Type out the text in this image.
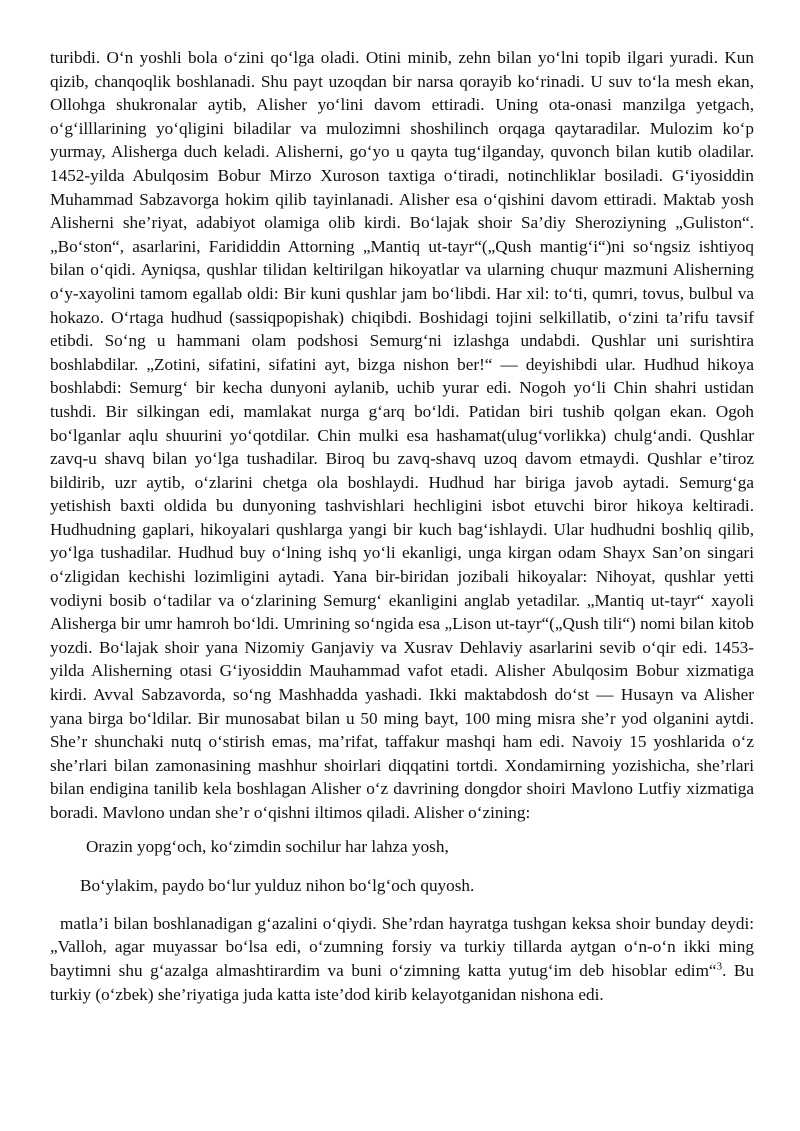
turibdi. O‘n yoshli bola o‘zini qo‘lga oladi. Otini minib, zehn bilan yo‘lni topib ilgari yuradi. Kun qizib, chanqoqlik boshlanadi. Shu payt uzoqdan bir narsa qorayib ko‘rinadi. U suv to‘la mesh ekan, Ollohga shukronalar aytib, Alisher yo‘lini davom ettiradi. Uning ota-onasi manzilga yetgach, o‘g‘illlarining yo‘qligini biladilar va mulozimni shoshilinch orqaga qaytaradilar. Mulozim ko‘p yurmay, Alisherga duch keladi. Alisherni, go‘yo u qayta tug‘ilganday, quvonch bilan kutib oladilar. 1452-yilda Abulqosim Bobur Mirzo Xuroson taxtiga o‘tiradi, notinchliklar bosiladi. G‘iyosiddin Muhammad Sabzavorga hokim qilib tayinlanadi. Alisher esa o‘qishini davom ettiradi. Maktab yosh Alisherni she’riyat, adabiyot olamiga olib kirdi. Bo‘lajak shoir Sa’diy Sheroziyning „Guliston“. „Bo‘ston“, asarlarini, Farididdin Attorning „Mantiq ut-tayr“(„Qush mantig‘i“)ni so‘ngsiz ishtiyoq bilan o‘qidi. Ayniqsa, qushlar tilidan keltirilgan hikoyatlar va ularning chuqur mazmuni Alisherning o‘y-xayolini tamom egallab oldi: Bir kuni qushlar jam bo‘libdi. Har xil: to‘ti, qumri, tovus, bulbul va hokazo. O‘rtaga hudhud (sassiqpopishak) chiqibdi. Boshidagi tojini selkillatib, o‘zini ta’rifu tavsif etibdi. So‘ng u hammani olam podshosi Semurg‘ni izlashga undabdi. Qushlar uni surishtira boshlabdilar. „Zotini, sifatini, sifatini ayt, bizga nishon ber!“ — deyishibdi ular. Hudhud hikoya boshlabdi: Semurg‘ bir kecha dunyoni aylanib, uchib yurar edi. Nogoh yo‘li Chin shahri ustidan tushdi. Bir silkingan edi, mamlakat nurga g‘arq bo‘ldi. Patidan biri tushib qolgan ekan. Ogoh bo‘lganlar aqlu shuurini yo‘qotdilar. Chin mulki esa hashamat(ulug‘vorlikka) chulg‘andi. Qushlar zavq-u shavq bilan yo‘lga tushadilar. Biroq bu zavq-shavq uzoq davom etmaydi. Qushlar e’tiroz bildirib, uzr aytib, o‘zlarini chetga ola boshlaydi. Hudhud har biriga javob aytadi. Semurg‘ga yetishish baxti oldida bu dunyoning tashvishlari hechligini isbot etuvchi biror hikoya keltiradi. Hudhudning gaplari, hikoyalari qushlarga yangi bir kuch bag‘ishlaydi. Ular hudhudni boshliq qilib, yo‘lga tushadilar. Hudhud buy o‘lning ishq yo‘li ekanligi, unga kirgan odam Shayx San’on singari o‘zligidan kechishi lozimligini aytadi. Yana bir-biridan jozibali hikoyalar: Nihoyat, qushlar yetti vodiyni bosib o‘tadilar va o‘zlarining Semurg‘ ekanligini anglab yetadilar. „Mantiq ut-tayr“ xayoli Alisherga bir umr hamroh bo‘ldi. Umrining so‘ngida esa „Lison ut-tayr“(„Qush tili“) nomi bilan kitob yozdi. Bo‘lajak shoir yana Nizomiy Ganjaviy va Xusrav Dehlaviy asarlarini sevib o‘qir edi. 1453-yilda Alisherning otasi G‘iyosiddin Mauhammad vafot etadi. Alisher Abulqosim Bobur xizmatiga kirdi. Avval Sabzavorda, so‘ng Mashhadda yashadi. Ikki maktabdosh do‘st — Husayn va Alisher yana birga bo‘ldilar. Bir munosabat bilan u 50 ming bayt, 100 ming misra she’r yod olganini aytdi. She’r shunchaki nutq o‘stirish emas, ma’rifat, taffakur mashqi ham edi. Navoiy 15 yoshlarida o‘z she’rlari bilan zamonasining mashhur shoirlari diqqatini tortdi. Xondamirning yozishicha, she’rlari bilan endigina tanilib kela boshlagan Alisher o‘z davrining dongdor shoiri Mavlono Lutfiy xizmatiga boradi. Mavlono undan she’r o‘qishni iltimos qiladi. Alisher o‘zining:

Orazin yopg‘och, ko‘zimdin sochilur har lahza yosh,

Bo‘ylakim, paydo bo‘lur yulduz nihon bo‘lg‘och quyosh.

matla’i bilan boshlanadigan g‘azalini o‘qiydi. She’rdan hayratga tushgan keksa shoir bunday deydi: „Valloh, agar muyassar bo‘lsa edi, o‘zumning forsiy va turkiy tillarda aytgan o‘n-o‘n ikki ming baytimni shu g‘azalga almashtirardim va buni o‘zimning katta yutug‘im deb hisoblar edim“$^3$. Bu turkiy (o‘zbek) she’riyatiga juda katta iste’dod kirib kelayotganidan nishona edi.
